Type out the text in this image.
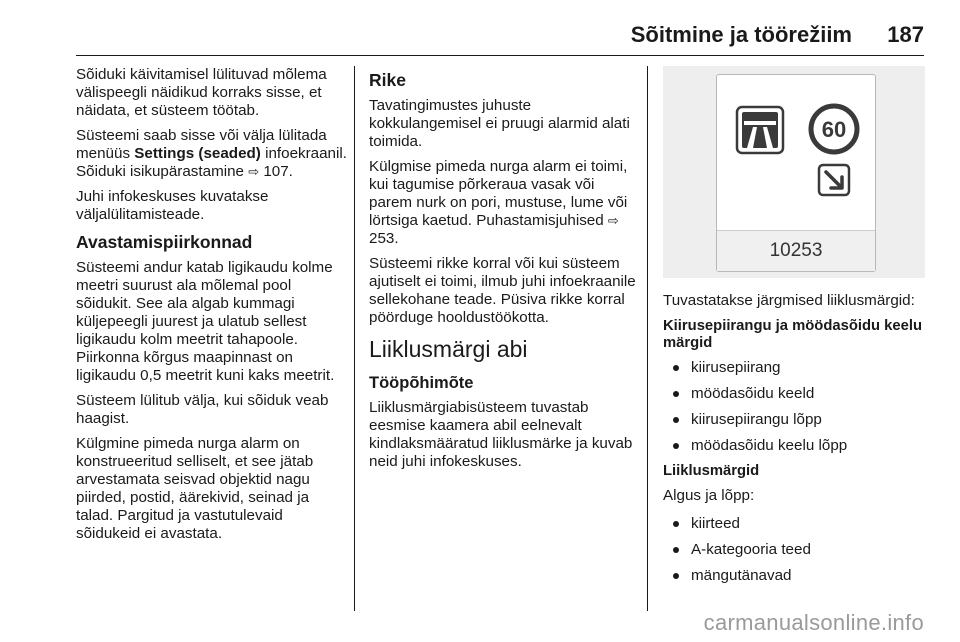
Sõitmine ja töörežiim 187

Sõiduki käivitamisel lülituvad mõlema välispeegli näidikud korraks sisse, et näidata, et süsteem töötab.

Süsteemi saab sisse või välja lülitada menüüs Settings (seaded) infoekraanil. Sõiduki isikupärastamine ⇨ 107.

Juhi infokeskuses kuvatakse väljalülitamisteade.

Avastamispiirkonnad

Süsteemi andur katab ligikaudu kolme meetri suurust ala mõlemal pool sõidukit. See ala algab kummagi küljepeegli juurest ja ulatub sellest ligikaudu kolm meetrit tahapoole. Piirkonna kõrgus maapinnast on ligikaudu 0,5 meetrit kuni kaks meetrit.

Süsteem lülitub välja, kui sõiduk veab haagist.

Külgmine pimeda nurga alarm on konstrueeritud selliselt, et see jätab arvestamata seisvad objektid nagu piirded, postid, äärekivid, seinad ja talad. Pargitud ja vastutulevaid sõidukeid ei avastata.

Rike

Tavatingimustes juhuste kokkulangemisel ei pruugi alarmid alati toimida.

Külgmise pimeda nurga alarm ei toimi, kui tagumise põrkeraua vasak või parem nurk on pori, mustuse, lume või lörtsiga kaetud. Puhastamisjuhised ⇨ 253.

Süsteemi rikke korral või kui süsteem ajutiselt ei toimi, ilmub juhi infoekraanile sellekohane teade. Püsiva rikke korral pöörduge hooldustöökotta.

Liiklusmärgi abi
Tööpõhimõte

Liiklusmärgiabisüsteem tuvastab eesmise kaamera abil eelnevalt kindlaksmääratud liiklusmärke ja kuvab neid juhi infokeskuses.

60
10253

Tuvastatakse järgmised liiklusmärgid:

Kiirusepiirangu ja möödasõidu keelu märgid

kiirusepiirang
möödasõidu keeld
kiirusepiirangu lõpp
möödasõidu keelu lõpp

Liiklusmärgid

Algus ja lõpp:

kiirteed
A-kategooria teed
mängutänavad
carmanualsonline.info
